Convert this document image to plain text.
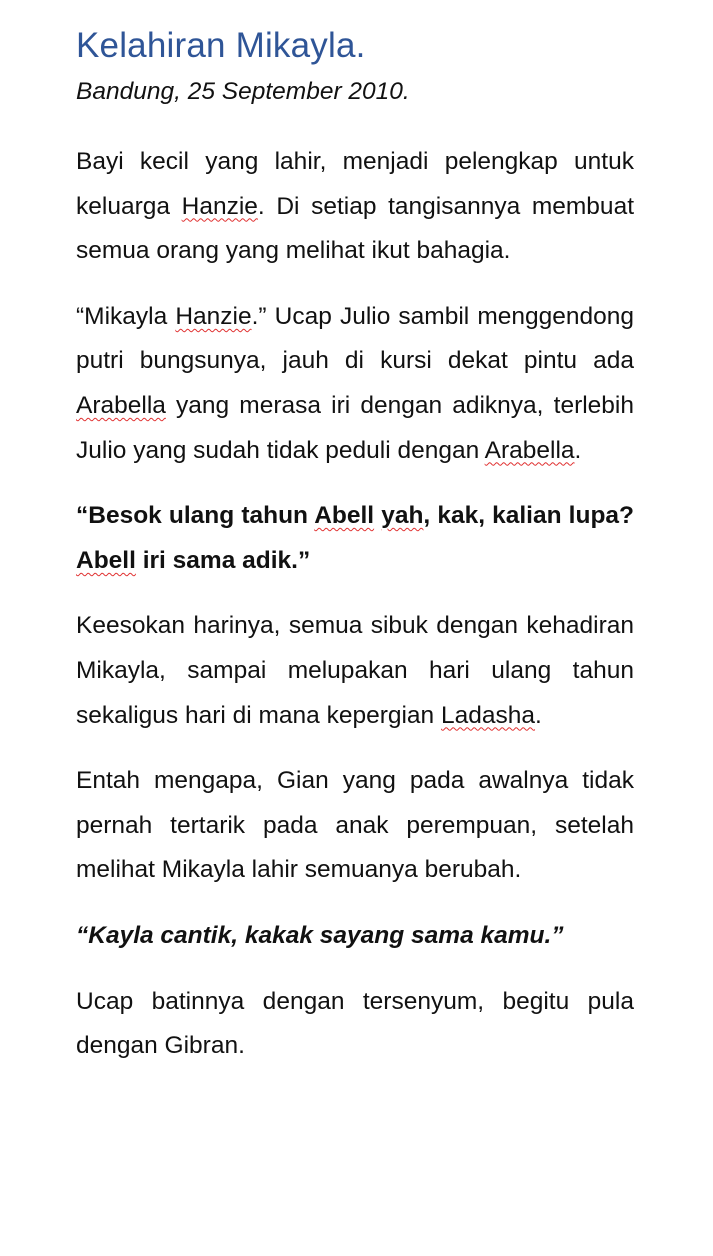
Kelahiran Mikayla.

Bandung, 25 September 2010.

Bayi kecil yang lahir, menjadi pelengkap untuk keluarga Hanzie. Di setiap tangisannya membuat semua orang yang melihat ikut bahagia.

“Mikayla Hanzie.” Ucap Julio sambil menggendong putri bungsunya, jauh di kursi dekat pintu ada Arabella yang merasa iri dengan adiknya, terlebih Julio yang sudah tidak peduli dengan Arabella.

“Besok ulang tahun Abell yah, kak, kalian lupa? Abell iri sama adik.”

Keesokan harinya, semua sibuk dengan kehadiran Mikayla, sampai melupakan hari ulang tahun sekaligus hari di mana kepergian Ladasha.

Entah mengapa, Gian yang pada awalnya tidak pernah tertarik pada anak perempuan, setelah melihat Mikayla lahir semuanya berubah.

“Kayla cantik, kakak sayang sama kamu.”

Ucap batinnya dengan tersenyum, begitu pula dengan Gibran.
